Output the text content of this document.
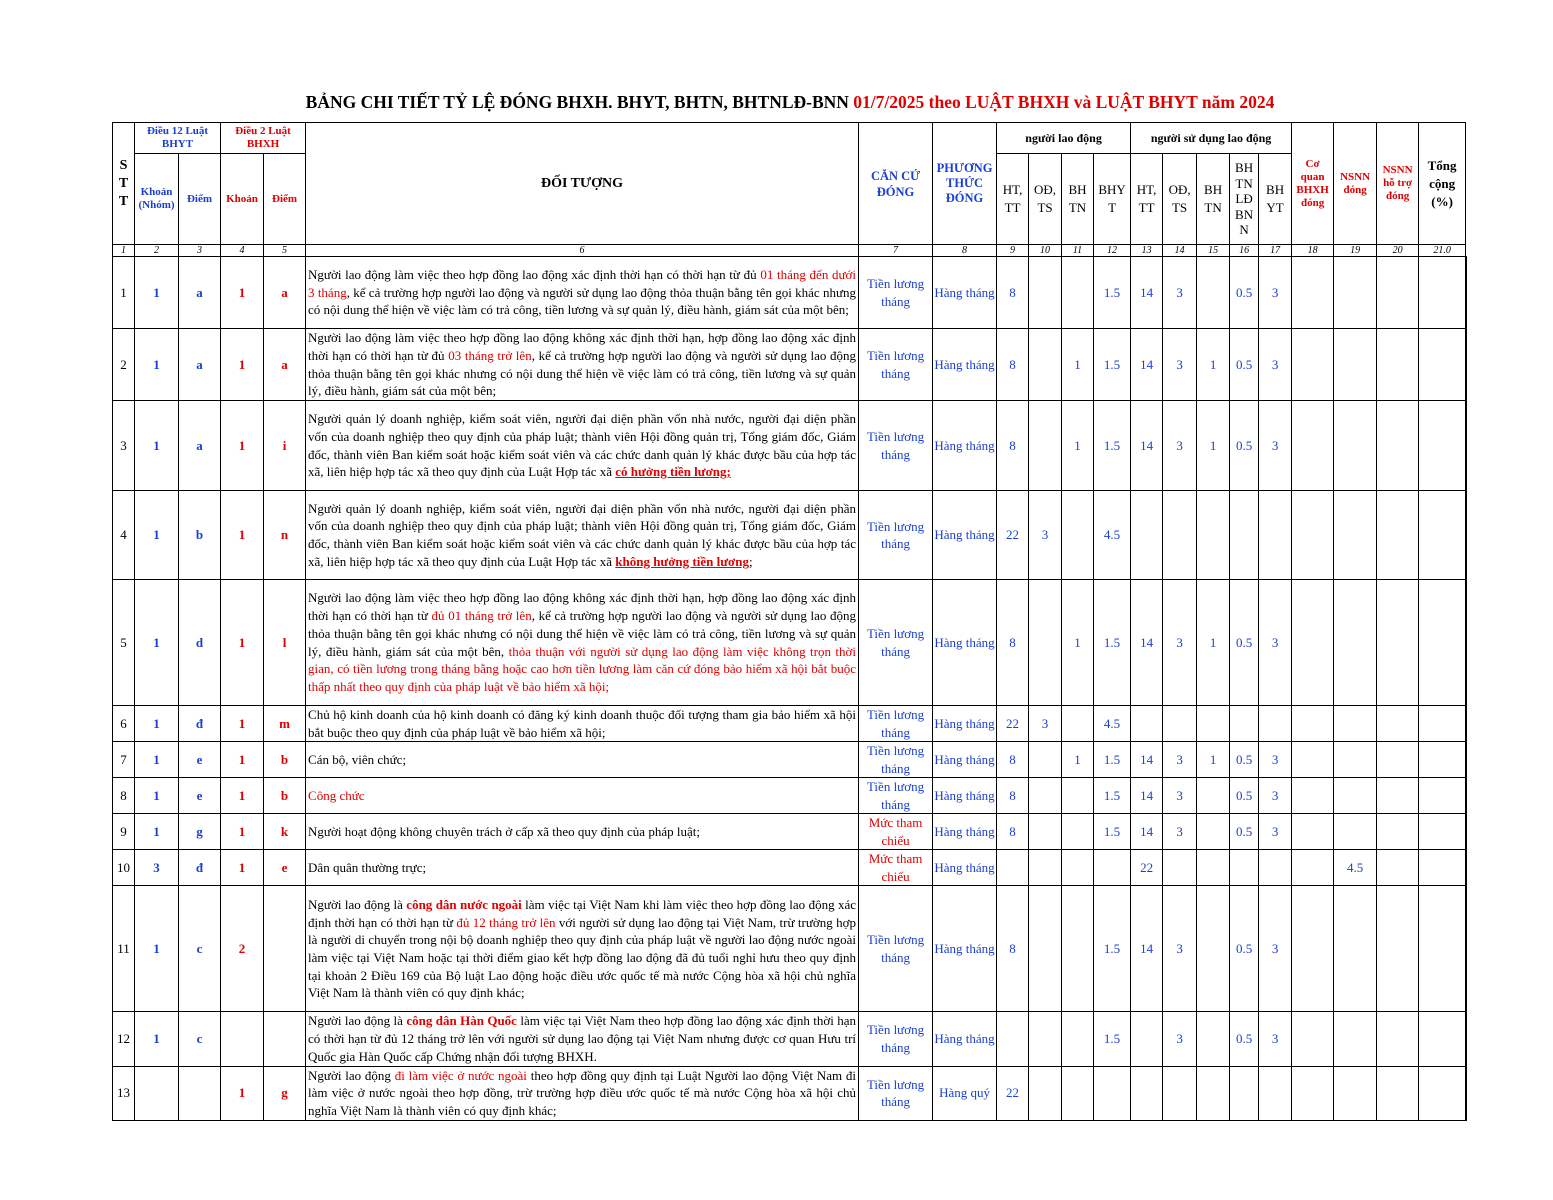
BẢNG CHI TIẾT TỶ LỆ ĐÓNG BHXH. BHYT, BHTN, BHTNLĐ-BNN 01/7/2025 theo LUẬT BHXH và LUẬT BHYT năm 2024
S T T	Điều 12 Luật BHYT		Điều 2 Luật BHXH		ĐỐI TƯỢNG	CĂN CỨ ĐÓNG	PHƯƠNG THỨC ĐÓNG	người lao động				người sử dụng lao động					Cơ quan BHXH đóng	NSNN đóng	NSNN hỗ trợ đóng	Tổng cộng (%)	
	Khoản (Nhóm)	Điểm	Khoản	Điểm				HT, TT	OĐ, TS	BH TN	BHY T	HT, TT	OĐ, TS	BH TN	BH TN LĐ BN N	BH YT					
1	2	3	4	5	6	7	8	9	10	11	12	13	14	15	16	17	18	19	20	21.0	
1	1	a	1	a	Người lao động làm việc theo hợp đồng lao động xác định thời hạn có thời hạn từ đủ 01 tháng đến dưới 3 tháng, kể cả trường hợp người lao động và người sử dụng lao động thỏa thuận bằng tên gọi khác nhưng có nội dung thể hiện về việc làm có trả công, tiền lương và sự quản lý, điều hành, giám sát của một bên;	Tiền lương tháng	Hàng tháng	8			1.5	14	3		0.5	3					
2	1	a	1	a	Người lao động làm việc theo hợp đồng lao động không xác định thời hạn, hợp đồng lao động xác định thời hạn có thời hạn từ đủ 03 tháng trở lên, kể cả trường hợp người lao động và người sử dụng lao động thỏa thuận bằng tên gọi khác nhưng có nội dung thể hiện về việc làm có trả công, tiền lương và sự quản lý, điều hành, giám sát của một bên;	Tiền lương tháng	Hàng tháng	8		1	1.5	14	3	1	0.5	3					
3	1	a	1	i	Người quản lý doanh nghiệp, kiểm soát viên, người đại diện phần vốn nhà nước, người đại diện phần vốn của doanh nghiệp theo quy định của pháp luật; thành viên Hội đồng quản trị, Tổng giám đốc, Giám đốc, thành viên Ban kiểm soát hoặc kiểm soát viên và các chức danh quản lý khác được bầu của hợp tác xã, liên hiệp hợp tác xã theo quy định của Luật Hợp tác xã có hưởng tiền lương;	Tiền lương tháng	Hàng tháng	8		1	1.5	14	3	1	0.5	3					
4	1	b	1	n	Người quản lý doanh nghiệp, kiểm soát viên, người đại diện phần vốn nhà nước, người đại diện phần vốn của doanh nghiệp theo quy định của pháp luật; thành viên Hội đồng quản trị, Tổng giám đốc, Giám đốc, thành viên Ban kiểm soát hoặc kiểm soát viên và các chức danh quản lý khác được bầu của hợp tác xã, liên hiệp hợp tác xã theo quy định của Luật Hợp tác xã không hưởng tiền lương;	Tiền lương tháng	Hàng tháng	22	3		4.5										
5	1	d	1	l	Người lao động làm việc theo hợp đồng lao động không xác định thời hạn, hợp đồng lao động xác định thời hạn có thời hạn từ đủ 01 tháng trở lên, kể cả trường hợp người lao động và người sử dụng lao động thỏa thuận bằng tên gọi khác nhưng có nội dung thể hiện về việc làm có trả công, tiền lương và sự quản lý, điều hành, giám sát của một bên, thỏa thuận với người sử dụng lao động làm việc không trọn thời gian, có tiền lương trong tháng bằng hoặc cao hơn tiền lương làm căn cứ đóng bảo hiểm xã hội bắt buộc thấp nhất theo quy định của pháp luật về bảo hiểm xã hội;	Tiền lương tháng	Hàng tháng	8		1	1.5	14	3	1	0.5	3					
6	1	đ	1	m	Chủ hộ kinh doanh của hộ kinh doanh có đăng ký kinh doanh thuộc đối tượng tham gia bảo hiểm xã hội bắt buộc theo quy định của pháp luật về bảo hiểm xã hội;	Tiền lương tháng	Hàng tháng	22	3		4.5										
7	1	e	1	b	Cán bộ, viên chức;	Tiền lương tháng	Hàng tháng	8		1	1.5	14	3	1	0.5	3					
8	1	e	1	b	Công chức	Tiền lương tháng	Hàng tháng	8			1.5	14	3		0.5	3					
9	1	g	1	k	Người hoạt động không chuyên trách ở cấp xã theo quy định của pháp luật;	Mức tham chiếu	Hàng tháng	8			1.5	14	3		0.5	3					
10	3	đ	1	e	Dân quân thường trực;	Mức tham chiếu	Hàng tháng					22						4.5			
11	1	c	2		Người lao động là công dân nước ngoài làm việc tại Việt Nam khi làm việc theo hợp đồng lao động xác định thời hạn có thời hạn từ đủ 12 tháng trở lên với người sử dụng lao động tại Việt Nam, trừ trường hợp là người di chuyển trong nội bộ doanh nghiệp theo quy định của pháp luật về người lao động nước ngoài làm việc tại Việt Nam hoặc tại thời điểm giao kết hợp đồng lao động đã đủ tuổi nghỉ hưu theo quy định tại khoản 2 Điều 169 của Bộ luật Lao động hoặc điều ước quốc tế mà nước Cộng hòa xã hội chủ nghĩa Việt Nam là thành viên có quy định khác;	Tiền lương tháng	Hàng tháng	8			1.5	14	3		0.5	3					
12	1	c			Người lao động là công dân Hàn Quốc làm việc tại Việt Nam theo hợp đồng lao động xác định thời hạn có thời hạn từ đủ 12 tháng trở lên với người sử dụng lao động tại Việt Nam nhưng được cơ quan Hưu trí Quốc gia Hàn Quốc cấp Chứng nhận đối tượng BHXH.	Tiền lương tháng	Hàng tháng				1.5		3		0.5	3					
13			1	g	Người lao động đi làm việc ở nước ngoài theo hợp đồng quy định tại Luật Người lao động Việt Nam đi làm việc ở nước ngoài theo hợp đồng, trừ trường hợp điều ước quốc tế mà nước Cộng hòa xã hội chủ nghĩa Việt Nam là thành viên có quy định khác;	Tiền lương tháng	Hàng quý	22													
